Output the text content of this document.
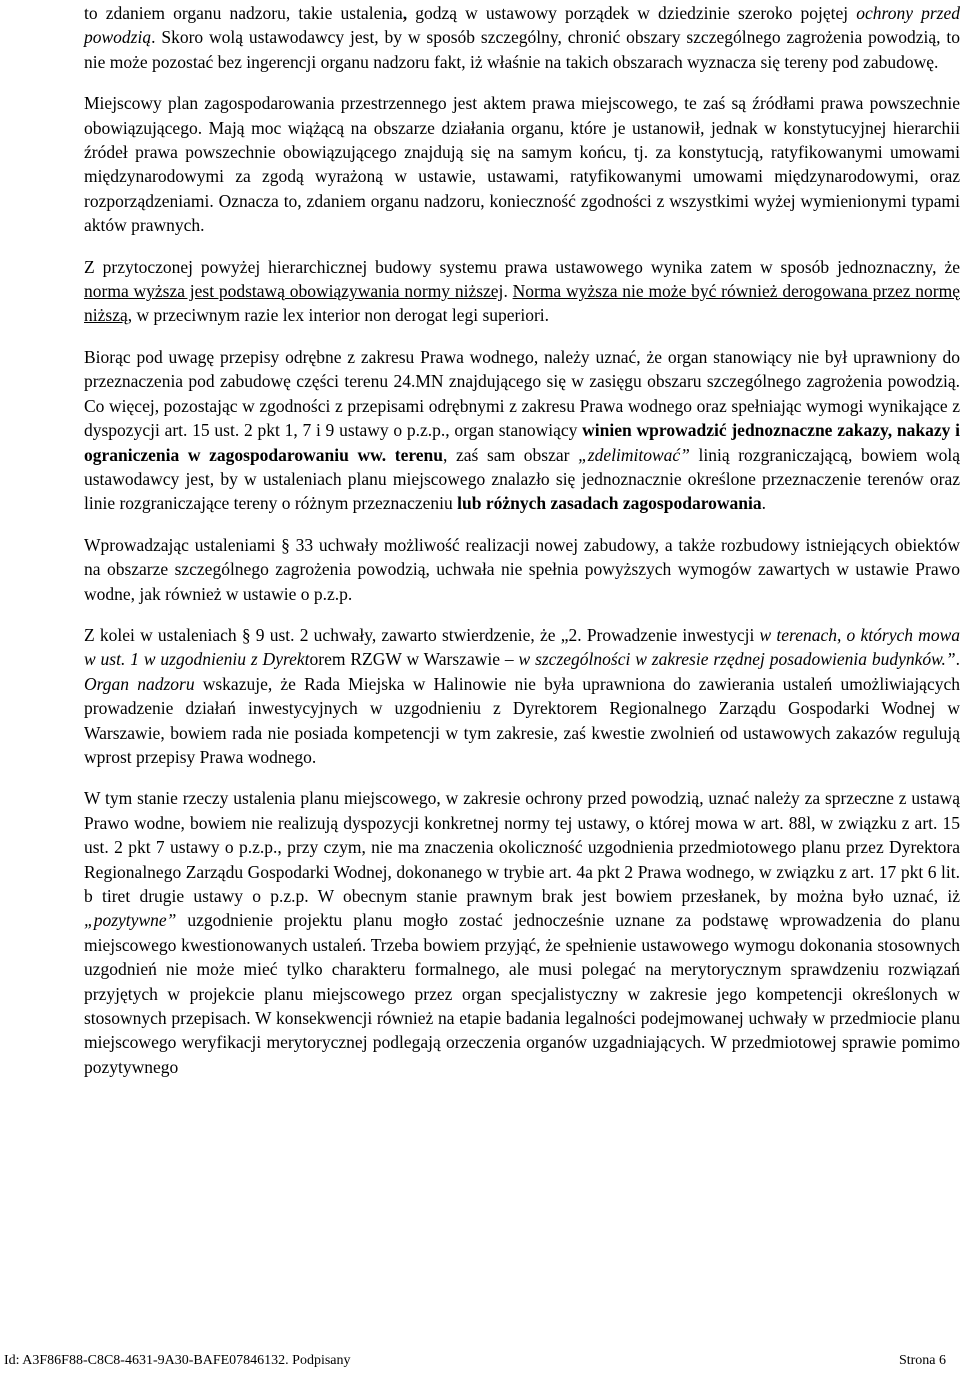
to zdaniem organu nadzoru, takie ustalenia, godzą w ustawowy porządek w dziedzinie szeroko pojętej ochrony przed powodzią. Skoro wolą ustawodawcy jest, by w sposób szczególny, chronić obszary szczególnego zagrożenia powodzią, to nie może pozostać bez ingerencji organu nadzoru fakt, iż właśnie na takich obszarach wyznacza się tereny pod zabudowę.

Miejscowy plan zagospodarowania przestrzennego jest aktem prawa miejscowego, te zaś są źródłami prawa powszechnie obowiązującego. Mają moc wiążącą na obszarze działania organu, które je ustanowił, jednak w konstytucyjnej hierarchii źródeł prawa powszechnie obowiązującego znajdują się na samym końcu, tj. za konstytucją, ratyfikowanymi umowami międzynarodowymi za zgodą wyrażoną w ustawie, ustawami, ratyfikowanymi umowami międzynarodowymi, oraz rozporządzeniami. Oznacza to, zdaniem organu nadzoru, konieczność zgodności z wszystkimi wyżej wymienionymi typami aktów prawnych.

Z przytoczonej powyżej hierarchicznej budowy systemu prawa ustawowego wynika zatem w sposób jednoznaczny, że norma wyższa jest podstawą obowiązywania normy niższej. Norma wyższa nie może być również derogowana przez normę niższą, w przeciwnym razie lex interior non derogat legi superiori.

Biorąc pod uwagę przepisy odrębne z zakresu Prawa wodnego, należy uznać, że organ stanowiący nie był uprawniony do przeznaczenia pod zabudowę części terenu 24.MN znajdującego się w zasięgu obszaru szczególnego zagrożenia powodzią. Co więcej, pozostając w zgodności z przepisami odrębnymi z zakresu Prawa wodnego oraz spełniając wymogi wynikające z dyspozycji art. 15 ust. 2 pkt 1, 7 i 9 ustawy o p.z.p., organ stanowiący winien wprowadzić jednoznaczne zakazy, nakazy i ograniczenia w zagospodarowaniu ww. terenu, zaś sam obszar „zdelimitować” linią rozgraniczającą, bowiem wolą ustawodawcy jest, by w ustaleniach planu miejscowego znalazło się jednoznacznie określone przeznaczenie terenów oraz linie rozgraniczające tereny o różnym przeznaczeniu lub różnych zasadach zagospodarowania.

Wprowadzając ustaleniami § 33 uchwały możliwość realizacji nowej zabudowy, a także rozbudowy istniejących obiektów na obszarze szczególnego zagrożenia powodzią, uchwała nie spełnia powyższych wymogów zawartych w ustawie Prawo wodne, jak również w ustawie o p.z.p.

Z kolei w ustaleniach § 9 ust. 2 uchwały, zawarto stwierdzenie, że „2. Prowadzenie inwestycji w terenach, o których mowa w ust. 1 w uzgodnieniu z Dyrektorem RZGW w Warszawie – w szczególności w zakresie rzędnej posadowienia budynków.”. Organ nadzoru wskazuje, że Rada Miejska w Halinowie nie była uprawniona do zawierania ustaleń umożliwiających prowadzenie działań inwestycyjnych w uzgodnieniu z Dyrektorem Regionalnego Zarządu Gospodarki Wodnej w Warszawie, bowiem rada nie posiada kompetencji w tym zakresie, zaś kwestie zwolnień od ustawowych zakazów regulują wprost przepisy Prawa wodnego.

W tym stanie rzeczy ustalenia planu miejscowego, w zakresie ochrony przed powodzią, uznać należy za sprzeczne z ustawą Prawo wodne, bowiem nie realizują dyspozycji konkretnej normy tej ustawy, o której mowa w art. 88l, w związku z art. 15 ust. 2 pkt 7 ustawy o p.z.p., przy czym, nie ma znaczenia okoliczność uzgodnienia przedmiotowego planu przez Dyrektora Regionalnego Zarządu Gospodarki Wodnej, dokonanego w trybie art. 4a pkt 2 Prawa wodnego, w związku z art. 17 pkt 6 lit. b tiret drugie ustawy o p.z.p. W obecnym stanie prawnym brak jest bowiem przesłanek, by można było uznać, iż „pozytywne” uzgodnienie projektu planu mogło zostać jednocześnie uznane za podstawę wprowadzenia do planu miejscowego kwestionowanych ustaleń. Trzeba bowiem przyjąć, że spełnienie ustawowego wymogu dokonania stosownych uzgodnień nie może mieć tylko charakteru formalnego, ale musi polegać na merytorycznym sprawdzeniu rozwiązań przyjętych w projekcie planu miejscowego przez organ specjalistyczny w zakresie jego kompetencji określonych w stosownych przepisach. W konsekwencji również na etapie badania legalności podejmowanej uchwały w przedmiocie planu miejscowego weryfikacji merytorycznej podlegają orzeczenia organów uzgadniających. W przedmiotowej sprawie pomimo pozytywnego

Id: A3F86F88-C8C8-4631-9A30-BAFE07846132. Podpisany	Strona 6
